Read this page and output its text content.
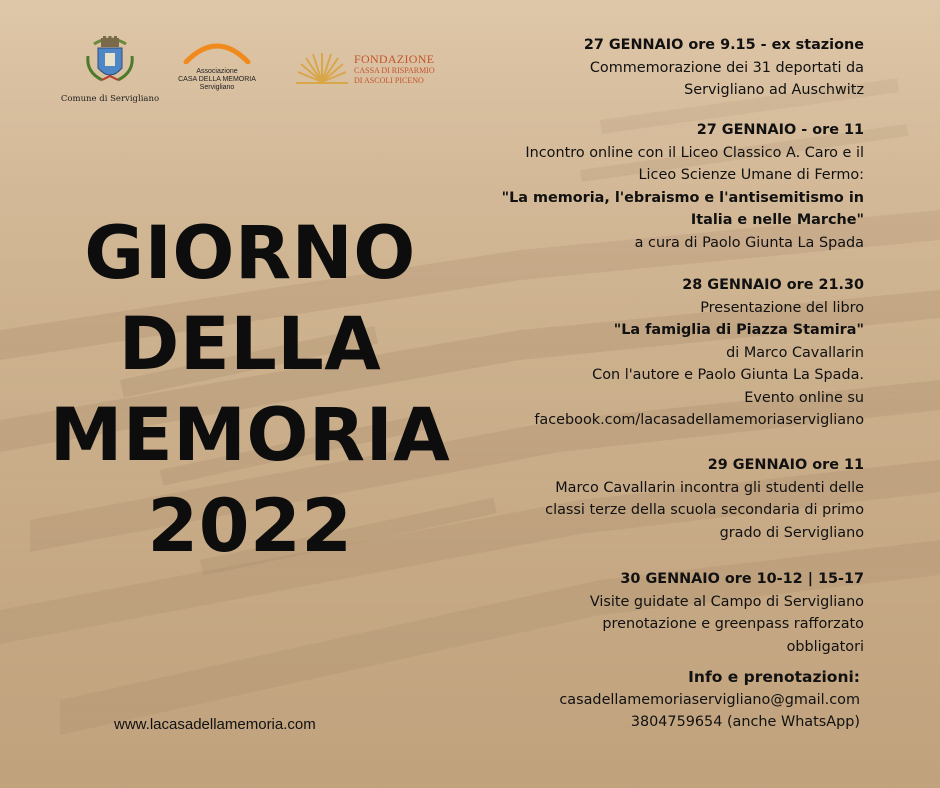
Comune di Servigliano
Associazione
CASA DELLA MEMORIA
Servigliano
FONDAZIONE
CASSA DI RISPARMIO
DI ASCOLI PICENO
GIORNO
DELLA
MEMORIA
2022
www.lacasadellamemoria.com
27 GENNAIO ore 9.15 - ex stazione
Commemorazione dei 31 deportati da
Servigliano ad Auschwitz
27 GENNAIO - ore 11
Incontro online con il Liceo Classico A. Caro e il
Liceo Scienze Umane di Fermo:
"La memoria, l'ebraismo e l'antisemitismo in
Italia e nelle Marche"
a cura di Paolo Giunta La Spada
28 GENNAIO ore 21.30
Presentazione del libro
"La famiglia di Piazza Stamira"
di Marco Cavallarin
Con l'autore e Paolo Giunta La Spada.
Evento online su
facebook.com/lacasadellamemoriaservigliano
29 GENNAIO ore 11
Marco Cavallarin incontra gli studenti delle
classi terze della scuola secondaria di primo
grado di Servigliano
30 GENNAIO ore 10-12 | 15-17
Visite guidate al Campo di Servigliano
prenotazione e greenpass rafforzato
obbligatori
Info e prenotazioni:
casadellamemoriaservigliano@gmail.com
3804759654 (anche WhatsApp)
